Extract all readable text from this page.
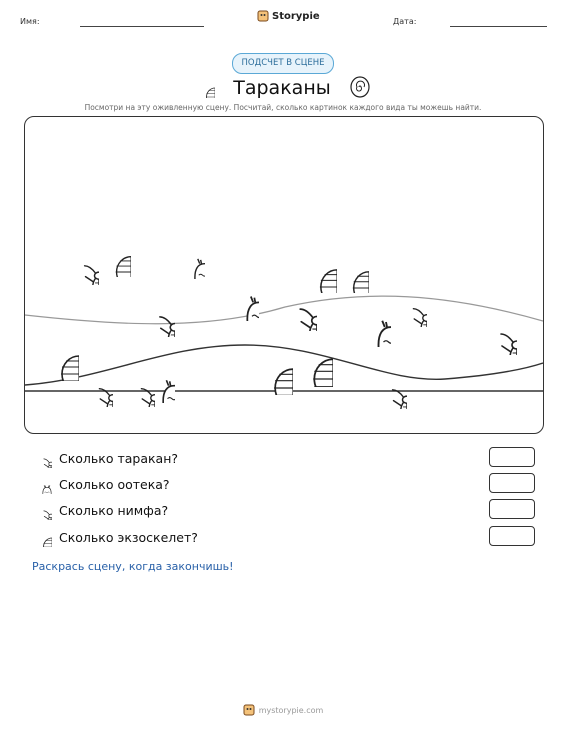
Имя:	Storypie	Дата:
ПОДСЧЕТ В СЦЕНЕ
Тараканы
Посмотри на эту оживленную сцену. Посчитай, сколько картинок каждого вида ты можешь найти.
Сколько таракан?
Сколько оотека?
Сколько нимфа?
Сколько экзоскелет?
Раскрась сцену, когда закончишь!
mystorypie.com
